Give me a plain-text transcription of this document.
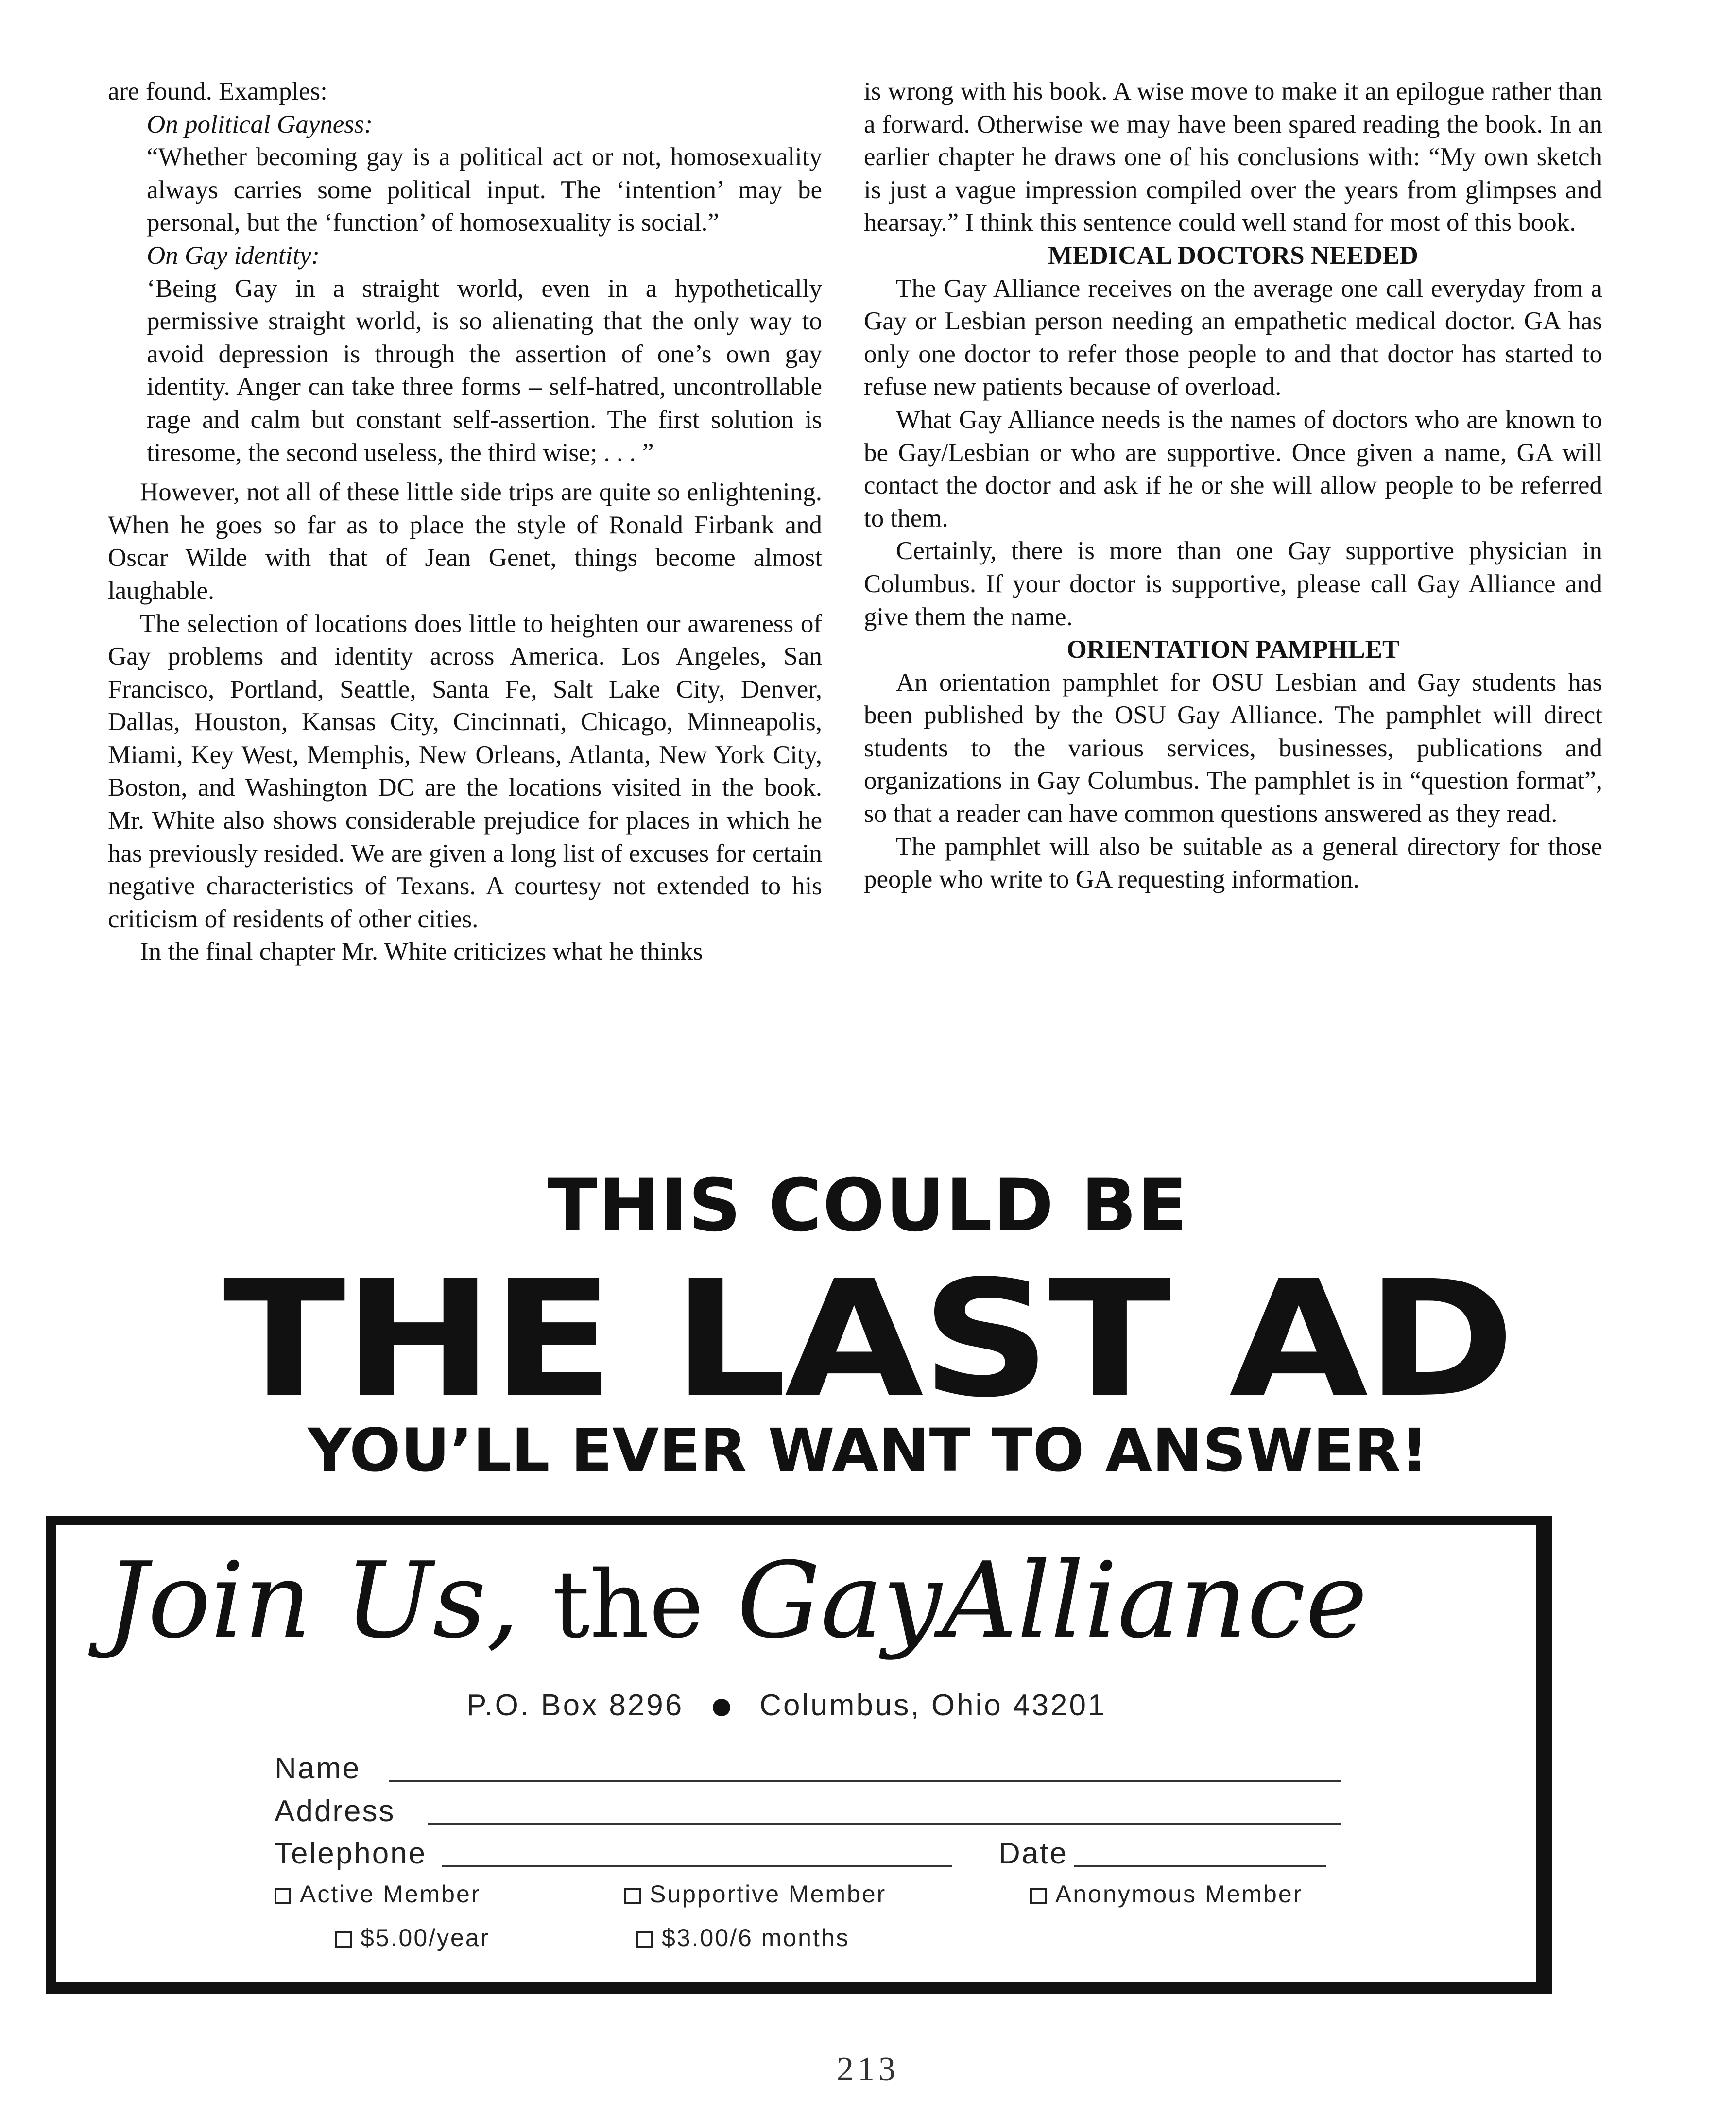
are found. Examples:

On political Gayness:

“Whether becoming gay is a political act or not, homosexuality always carries some political input. The ‘intention’ may be personal, but the ‘function’ of homosexuality is social.”

On Gay identity:

‘Being Gay in a straight world, even in a hypothetically permissive straight world, is so alienating that the only way to avoid depression is through the assertion of one’s own gay identity. Anger can take three forms – self-hatred, uncontrollable rage and calm but constant self-assertion. The first solution is tiresome, the second useless, the third wise; . . . ”

However, not all of these little side trips are quite so enlightening. When he goes so far as to place the style of Ronald Firbank and Oscar Wilde with that of Jean Genet, things become almost laughable.

The selection of locations does little to heighten our awareness of Gay problems and identity across America. Los Angeles, San Francisco, Portland, Seattle, Santa Fe, Salt Lake City, Denver, Dallas, Houston, Kansas City, Cincinnati, Chicago, Minneapolis, Miami, Key West, Memphis, New Orleans, Atlanta, New York City, Boston, and Washington DC are the locations visited in the book. Mr. White also shows considerable prejudice for places in which he has previously resided. We are given a long list of excuses for certain negative characteristics of Texans. A courtesy not extended to his criticism of residents of other cities.

In the final chapter Mr. White criticizes what he thinks

is wrong with his book. A wise move to make it an epilogue rather than a forward. Otherwise we may have been spared reading the book. In an earlier chapter he draws one of his conclusions with: “My own sketch is just a vague impression compiled over the years from glimpses and hearsay.” I think this sentence could well stand for most of this book.

MEDICAL DOCTORS NEEDED

The Gay Alliance receives on the average one call everyday from a Gay or Lesbian person needing an empathetic medical doctor. GA has only one doctor to refer those people to and that doctor has started to refuse new patients because of overload.

What Gay Alliance needs is the names of doctors who are known to be Gay/Lesbian or who are supportive. Once given a name, GA will contact the doctor and ask if he or she will allow people to be referred to them.

Certainly, there is more than one Gay supportive physician in Columbus. If your doctor is supportive, please call Gay Alliance and give them the name.

ORIENTATION PAMPHLET

An orientation pamphlet for OSU Lesbian and Gay students has been published by the OSU Gay Alliance. The pamphlet will direct students to the various services, businesses, publications and organizations in Gay Columbus. The pamphlet is in “question format”, so that a reader can have common questions answered as they read.

The pamphlet will also be suitable as a general directory for those people who write to GA requesting information.

THIS COULD BE
THE LAST AD
YOU’LL EVER WANT TO ANSWER!
Join Us, the GayAlliance
P.O. Box 8296	Columbus, Ohio 43201
Name
Address
Telephone	Date
Active Member	Supportive Member	Anonymous Member
$5.00/year	$3.00/6 months
213
